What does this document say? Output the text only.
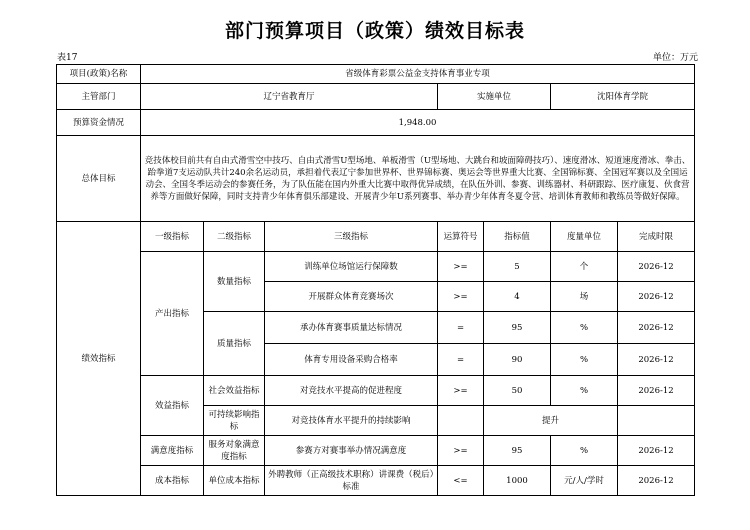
部门预算项目（政策）绩效目标表
表17	单位：万元
项目(政策)名称	省级体育彩票公益金支持体育事业专项						
主管部门	辽宁省教育厅			实施单位		沈阳体育学院	
预算资金情况	1,948.00						
总体目标	竞技体校目前共有自由式滑雪空中技巧、自由式滑雪U型场地、单板滑雪（U型场地、大跳台和坡面障碍技巧）、速度滑冰、短道速度滑冰、拳击、跆拳道7支运动队共计240余名运动员，承担着代表辽宁参加世界杯、世界锦标赛、奥运会等世界重大比赛、全国锦标赛、全国冠军赛以及全国运动会、全国冬季运动会的参赛任务，为了队伍能在国内外重大比赛中取得优异成绩，在队伍外训、参赛、训练器材、科研跟踪、医疗康复、伙食营养等方面做好保障，同时支持青少年体育俱乐部建设、开展青少年U系列赛事、举办青少年体育冬夏令营、培训体育教师和教练员等做好保障。						
绩效指标	一级指标	二级指标	三级指标	运算符号	指标值	度量单位	完成时限
	产出指标	数量指标	训练单位场馆运行保障数	>=	5	个	2026-12
			开展群众体育竞赛场次	>=	4	场	2026-12
		质量指标	承办体育赛事质量达标情况	=	95	%	2026-12
			体育专用设备采购合格率	=	90	%	2026-12
	效益指标	社会效益指标	对竞技水平提高的促进程度	>=	50	%	2026-12
		可持续影响指标	对竞技体育水平提升的持续影响		提升		
	满意度指标	服务对象满意度指标	参赛方对赛事举办情况满意度	>=	95	%	2026-12
	成本指标	单位成本指标	外聘教师（正高级技术职称）讲课费（税后）标准	<=	1000	元/人/学时	2026-12
